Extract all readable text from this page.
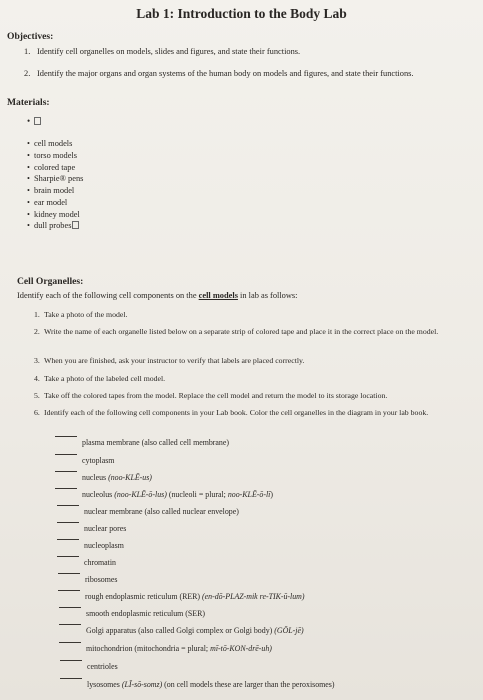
Lab 1: Introduction to the Body Lab
Objectives:
1. Identify cell organelles on models, slides and figures, and state their functions.
2. Identify the major organs and organ systems of the human body on models and figures, and state their functions.
Materials:
•
• cell models
• torso models
• colored tape
• Sharpie® pens
• brain model
• ear model
• kidney model
• dull probes
Cell Organelles:
Identify each of the following cell components on the cell models in lab as follows:
1. Take a photo of the model.
2. Write the name of each organelle listed below on a separate strip of colored tape and place it in the correct place on the model.
3. When you are finished, ask your instructor to verify that labels are placed correctly.
4. Take a photo of the labeled cell model.
5. Take off the colored tapes from the model. Replace the cell model and return the model to its storage location.
6. Identify each of the following cell components in your Lab book. Color the cell organelles in the diagram in your lab book.
plasma membrane (also called cell membrane)
cytoplasm
nucleus (noo-KLĒ-us)
nucleolus (noo-KLĒ-ō-lus) (nucleoli = plural; noo-KLĒ-ō-lī)
nuclear membrane (also called nuclear envelope)
nuclear pores
nucleoplasm
chromatin
ribosomes
rough endoplasmic reticulum (RER) (en-dō-PLAZ-mik re-TIK-ū-lum)
smooth endoplasmic reticulum (SER)
Golgi apparatus (also called Golgi complex or Golgi body) (GŌL-jē)
mitochondrion (mitochondria = plural; mī-tō-KON-drē-uh)
centrioles
lysosomes (LĪ-sō-somz) (on cell models these are larger than the peroxisomes)
